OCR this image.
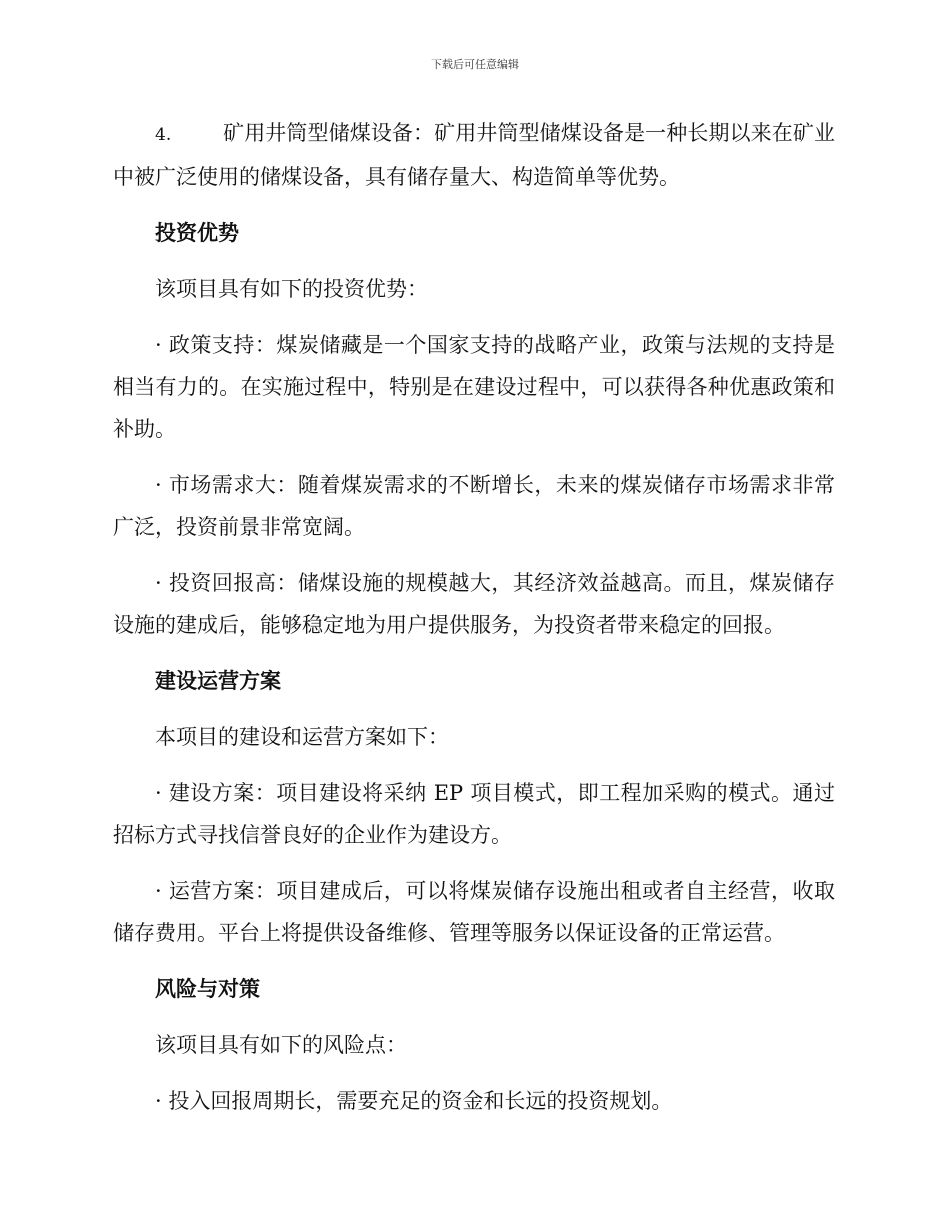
下载后可任意编辑

4. 矿用井筒型储煤设备：矿用井筒型储煤设备是一种长期以来在矿业中被广泛使用的储煤设备，具有储存量大、构造简单等优势。

投资优势

该项目具有如下的投资优势：

· 政策支持：煤炭储藏是一个国家支持的战略产业，政策与法规的支持是相当有力的。在实施过程中，特别是在建设过程中，可以获得各种优惠政策和补助。

· 市场需求大：随着煤炭需求的不断增长，未来的煤炭储存市场需求非常广泛，投资前景非常宽阔。

· 投资回报高：储煤设施的规模越大，其经济效益越高。而且，煤炭储存设施的建成后，能够稳定地为用户提供服务，为投资者带来稳定的回报。

建设运营方案

本项目的建设和运营方案如下：

· 建设方案：项目建设将采纳 EP 项目模式，即工程加采购的模式。通过招标方式寻找信誉良好的企业作为建设方。

· 运营方案：项目建成后，可以将煤炭储存设施出租或者自主经营，收取储存费用。平台上将提供设备维修、管理等服务以保证设备的正常运营。

风险与对策

该项目具有如下的风险点：

· 投入回报周期长，需要充足的资金和长远的投资规划。
